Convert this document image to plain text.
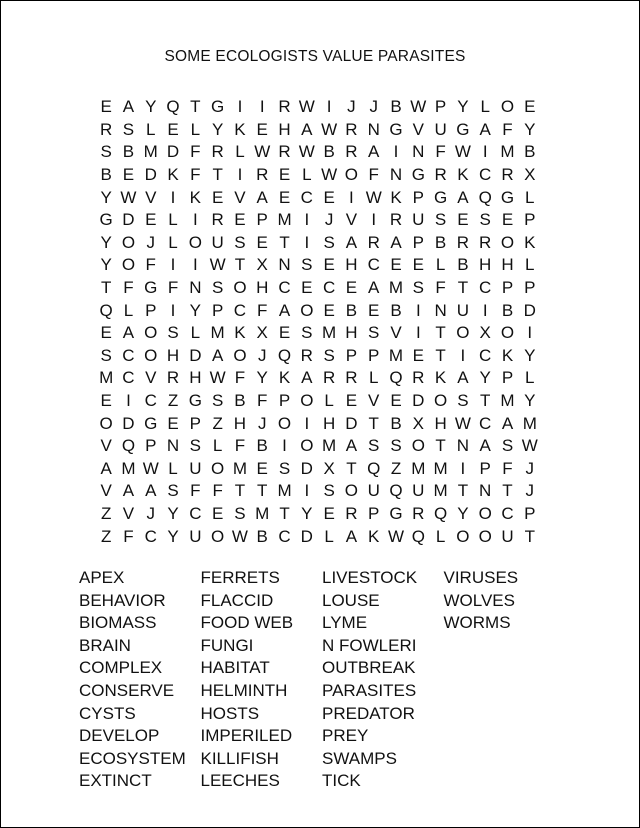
SOME ECOLOGISTS VALUE PARASITES
E A Y Q T G I	I R W I J J B W P Y L O E
R S L E L Y K E H A W R N G V U G A F Y
S B M D F R L W R W B R A I N F W I M B
B E D K F T I R E L W O F N G R K C R X
Y W V I K E V A E C E I W K P G A Q G L
G D E L I R E P M I J V I R U S E S E P
Y O J L O U S E T I S A R A P B R R O K
Y O F I	I W T X N S E H C E E L B H H L
T F G F N S O H C E C E A M S F T C P P
Q L P I Y P C F A O E B E B I N U I B D
E A O S L M K X E S M H S V I T O X O I
S C O H D A O J Q R S P P M E T I C K Y
M C V R H W F Y K A R R L Q R K A Y P L
E I C Z G S B F P O L E V E D O S T M Y
O D G E P Z H J O I H D T B X H W C A M
V Q P N S L F B I O M A S S O T N A S W
A M W L U O M E S D X T Q Z M M I P F J
V A A S F F T T M I S O U Q U M T N T J
Z V J Y C E S M T Y E R P G R Q Y O C P
Z F C Y U O W B C D L A K W Q L O O U T
APEX
BEHAVIOR
BIOMASS
BRAIN
COMPLEX
CONSERVE
CYSTS
DEVELOP
ECOSYSTEM
EXTINCT
FERRETS
FLACCID
FOOD WEB
FUNGI
HABITAT
HELMINTH
HOSTS
IMPERILED
KILLIFISH
LEECHES
LIVESTOCK
LOUSE
LYME
N FOWLERI
OUTBREAK
PARASITES
PREDATOR
PREY
SWAMPS
TICK
VIRUSES
WOLVES
WORMS
